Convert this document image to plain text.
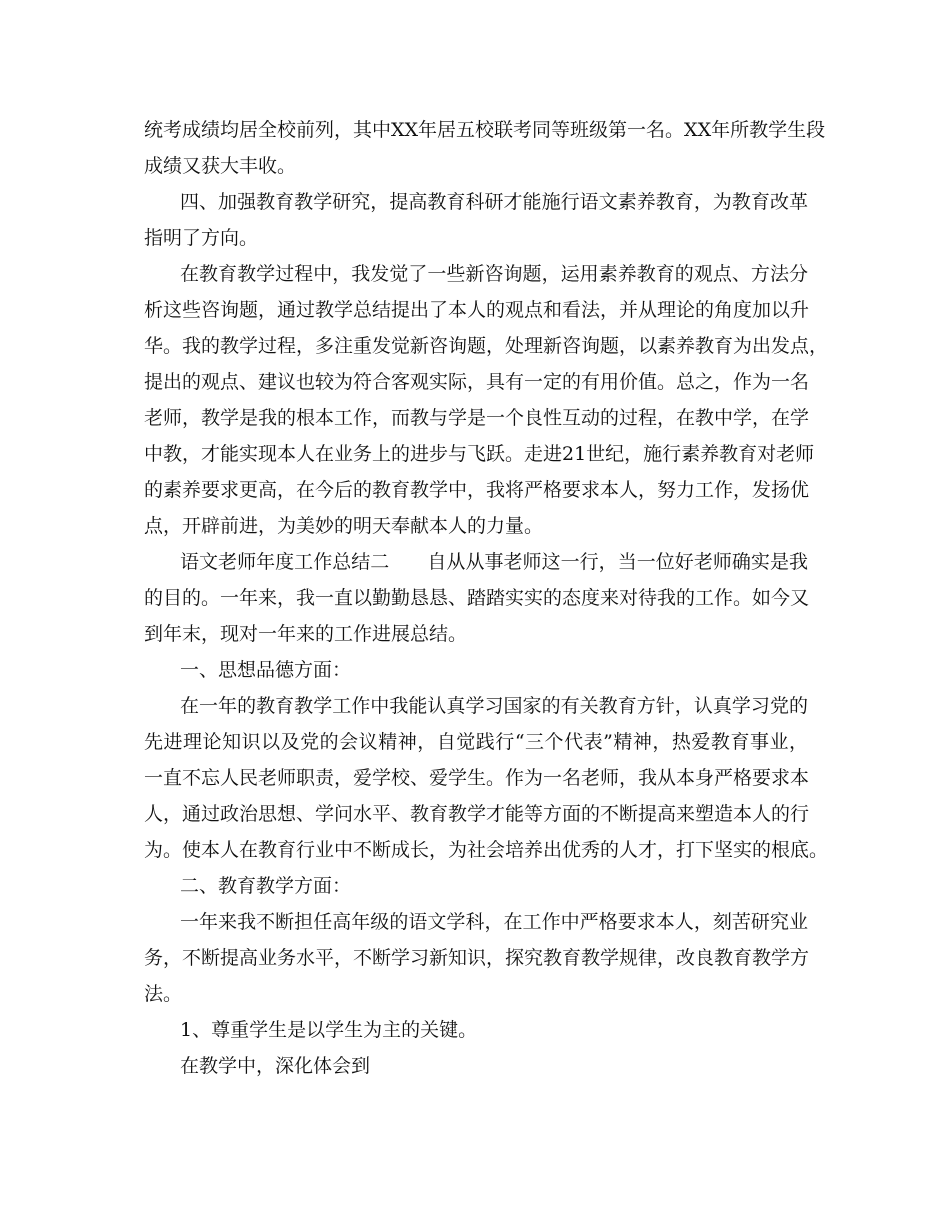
统考成绩均居全校前列，其中XX年居五校联考同等班级第一名。XX年所教学生段

成绩又获大丰收。

四、加强教育教学研究，提高教育科研才能施行语文素养教育，为教育改革

指明了方向。

在教育教学过程中，我发觉了一些新咨询题，运用素养教育的观点、方法分

析这些咨询题，通过教学总结提出了本人的观点和看法，并从理论的角度加以升

华。我的教学过程，多注重发觉新咨询题，处理新咨询题，以素养教育为出发点，

提出的观点、建议也较为符合客观实际，具有一定的有用价值。总之，作为一名

老师，教学是我的根本工作，而教与学是一个良性互动的过程，在教中学，在学

中教，才能实现本人在业务上的进步与飞跃。走进21世纪，施行素养教育对老师

的素养要求更高，在今后的教育教学中，我将严格要求本人，努力工作，发扬优

点，开辟前进，为美妙的明天奉献本人的力量。

语文老师年度工作总结二　　自从从事老师这一行，当一位好老师确实是我

的目的。一年来，我一直以勤勤恳恳、踏踏实实的态度来对待我的工作。如今又

到年末，现对一年来的工作进展总结。

一、思想品德方面：

在一年的教育教学工作中我能认真学习国家的有关教育方针，认真学习党的

先进理论知识以及党的会议精神，自觉践行“三个代表”精神，热爱教育事业，

一直不忘人民老师职责，爱学校、爱学生。作为一名老师，我从本身严格要求本

人，通过政治思想、学问水平、教育教学才能等方面的不断提高来塑造本人的行

为。使本人在教育行业中不断成长，为社会培养出优秀的人才，打下坚实的根底。

二、教育教学方面：

一年来我不断担任高年级的语文学科，在工作中严格要求本人，刻苦研究业

务，不断提高业务水平，不断学习新知识，探究教育教学规律，改良教育教学方

法。

1、尊重学生是以学生为主的关键。

在教学中，深化体会到
